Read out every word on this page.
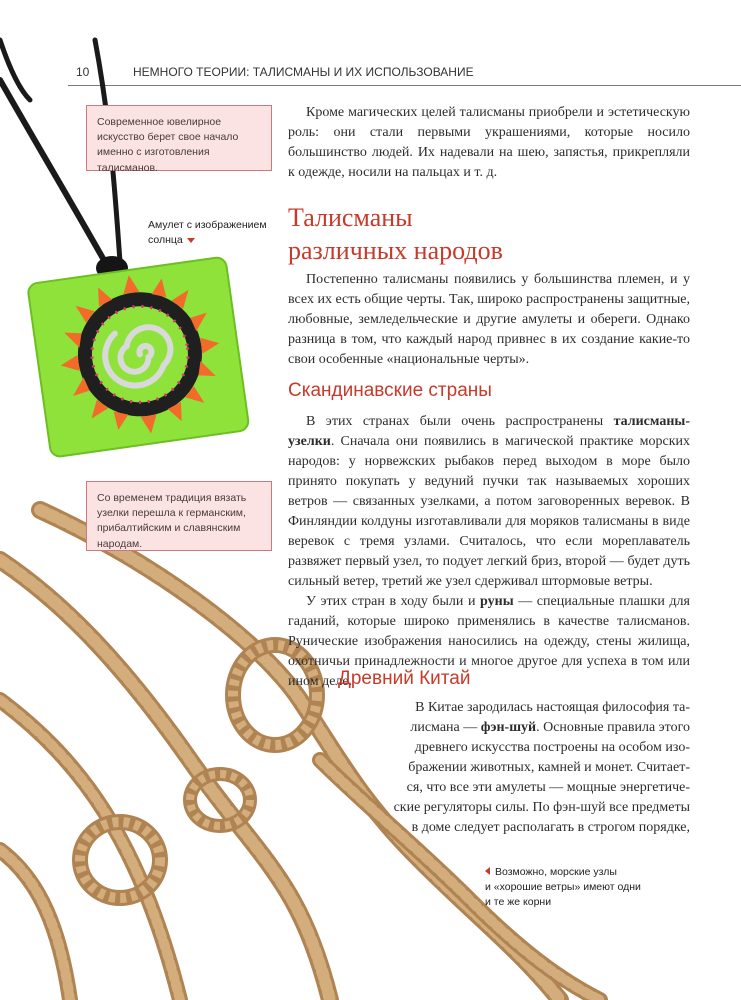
10	НЕМНОГО ТЕОРИИ: ТАЛИСМАНЫ И ИХ ИСПОЛЬЗОВАНИЕ
Современное ювелирное искусство берет свое начало именно с изготовления талисманов.
Амулет с изображением
солнца
Со временем традиция вязать узелки перешла к германским, прибалтийским и славянским народам.

Кроме магических целей талисманы приобрели и эстетическую роль: они стали первыми украшениями, которые носило большинство людей. Их надевали на шею, запястья, прикрепляли к одежде, носили на пальцах и т. д.

Талисманы
различных народов

Постепенно талисманы появились у большинства племен, и у всех их есть общие черты. Так, широко распространены защитные, любовные, земледельческие и другие амулеты и обереги. Однако разница в том, что каждый народ привнес в их создание какие-то свои особенные «национальные черты».

Скандинавские страны

В этих странах были очень распространены талисманы-узелки. Сначала они появились в магической практике морских народов: у норвежских рыбаков перед выходом в море было принято покупать у ведуний пучки так называемых хороших ветров — связанных узелками, а потом заговоренных веревок. В Финляндии колдуны изготавливали для моряков талисманы в виде веревок с тремя узлами. Считалось, что если мореплаватель развяжет первый узел, то подует легкий бриз, второй — будет дуть сильный ветер, третий же узел сдерживал штормовые ветры.

У этих стран в ходу были и руны — специальные плашки для гаданий, которые широко применялись в качестве талисманов. Рунические изображения наносились на одежду, стены жилища, охотничьи принадлежности и многое другое для успеха в том или ином деле.

Древний Китай

В Китае зародилась настоящая философия та-

лисмана — фэн-шуй. Основные правила этого

древнего искусства построены на особом изо-

бражении животных, камней и монет. Считает-

ся, что все эти амулеты — мощные энергетиче-

ские регуляторы силы. По фэн-шуй все предметы

в доме следует располагать в строгом порядке,

Возможно, морские узлы
и «хорошие ветры» имеют одни
и те же корни
